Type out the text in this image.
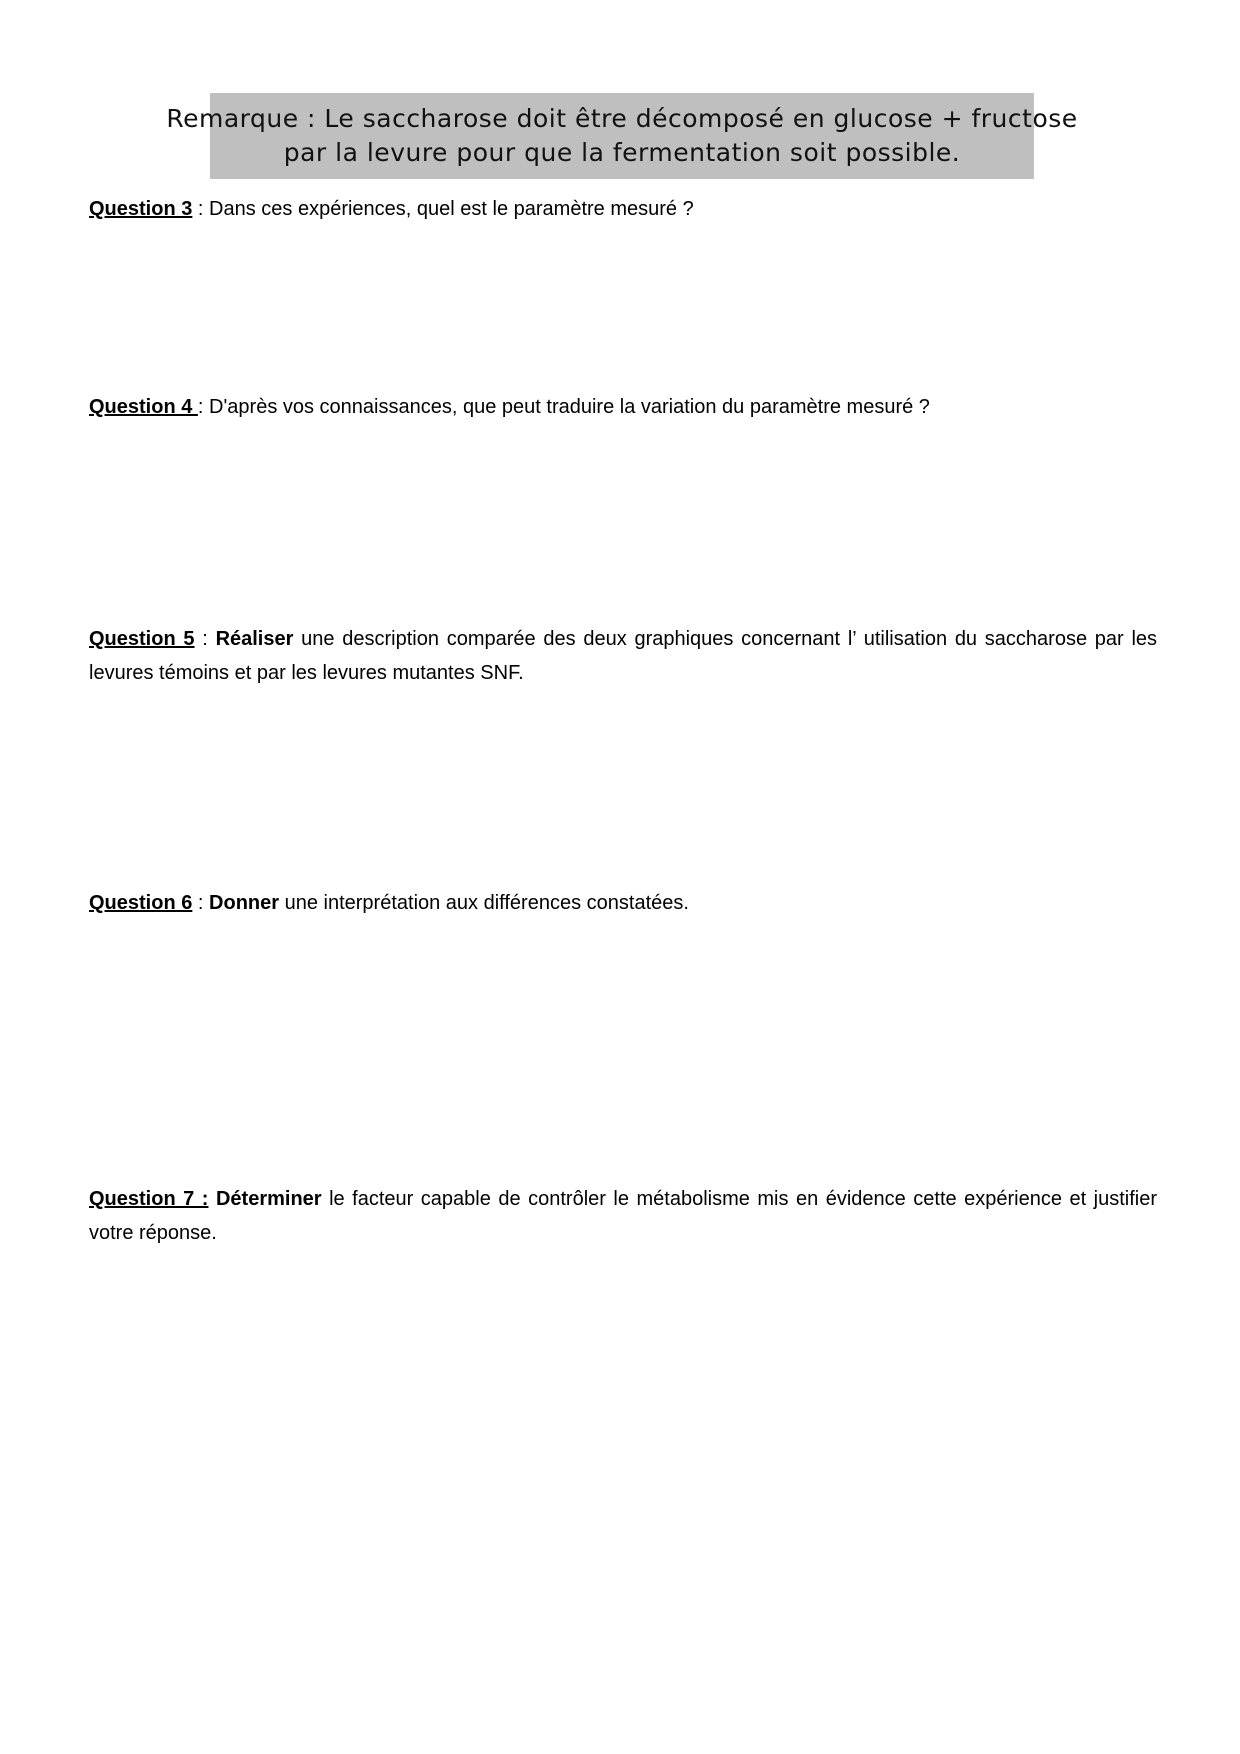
Remarque : Le saccharose doit être décomposé en glucose + fructose
par la levure pour que la fermentation soit possible.
Question 3 : Dans ces expériences, quel est le paramètre mesuré ?
Question 4 : D'après vos connaissances, que peut traduire la variation du paramètre mesuré ?
Question 5 : Réaliser une description comparée des deux graphiques concernant l’ utilisation du saccharose par les levures témoins et par les levures mutantes SNF.
Question 6 : Donner une interprétation aux différences constatées.
Question 7 : Déterminer le facteur capable de contrôler le métabolisme mis en évidence cette expérience et justifier votre réponse.
